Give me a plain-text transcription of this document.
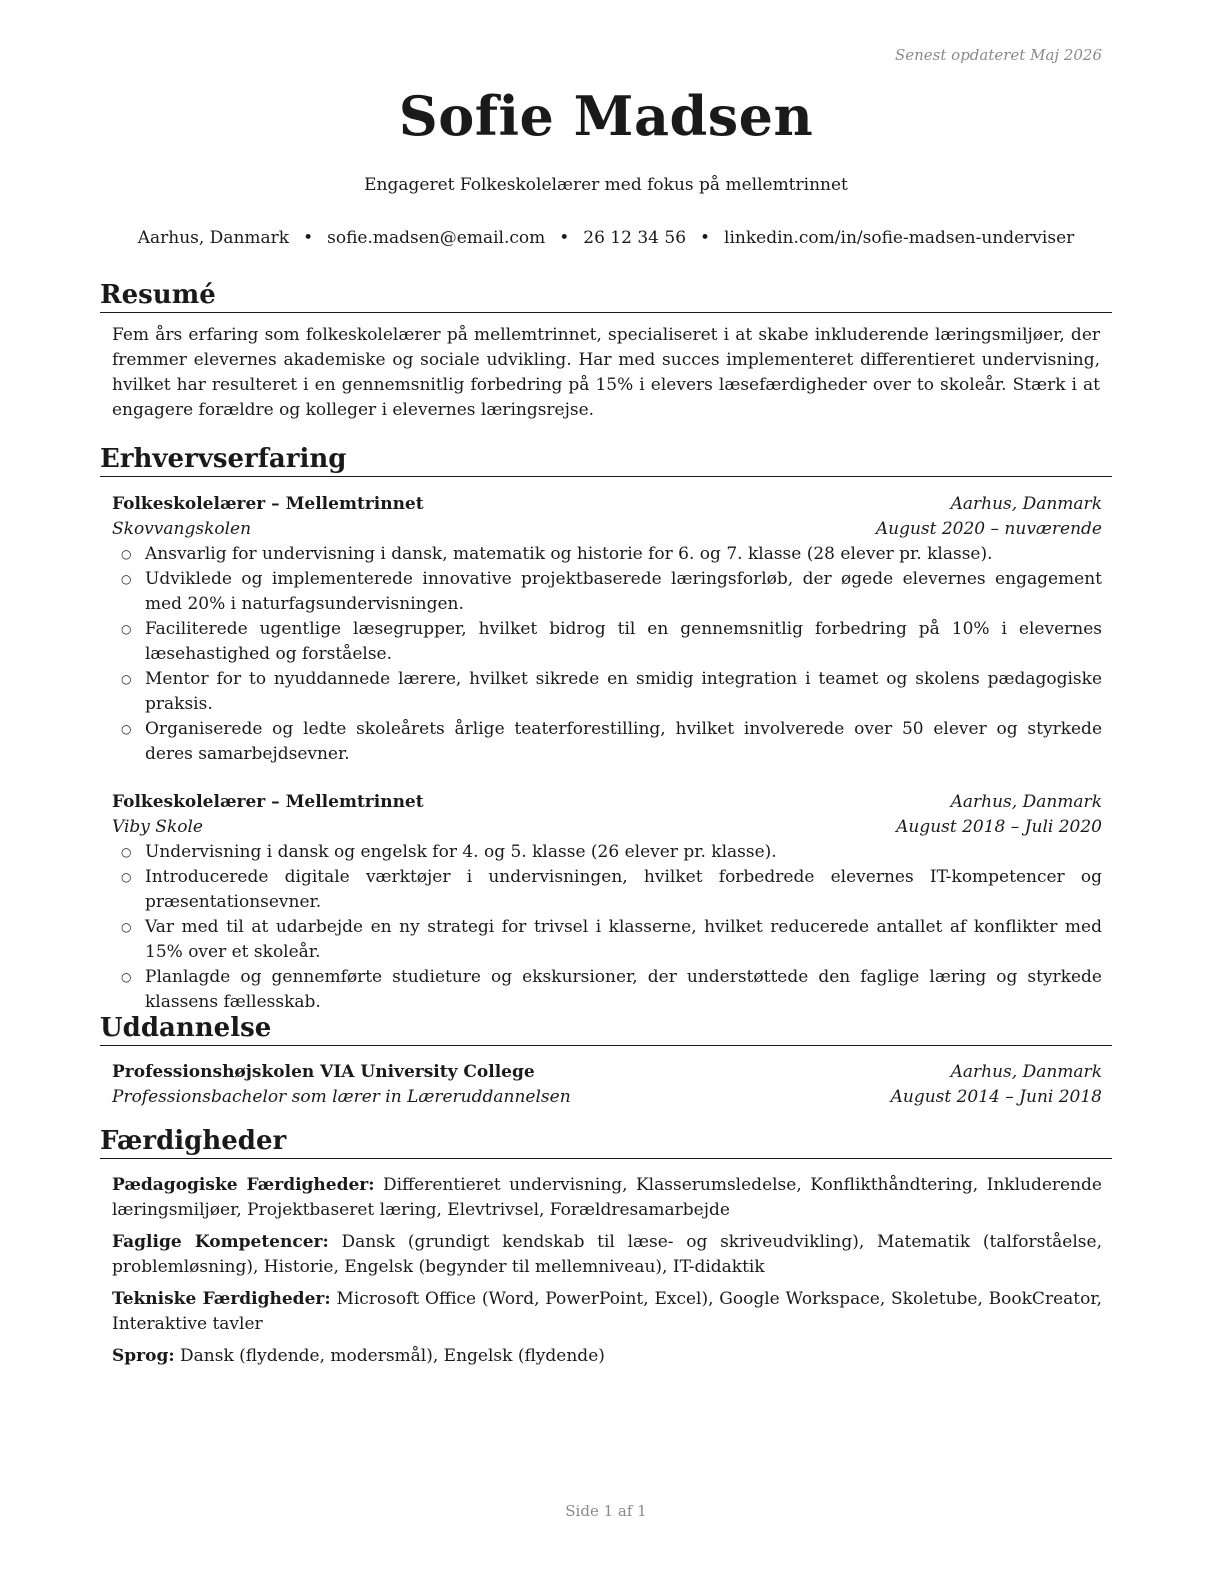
Senest opdateret Maj 2026
Sofie Madsen
Engageret Folkeskolelærer med fokus på mellemtrinnet
Aarhus, Danmark • sofie.madsen@email.com • 26 12 34 56 • linkedin.com/in/sofie-madsen-underviser
Resumé
Fem års erfaring som folkeskolelærer på mellemtrinnet, specialiseret i at skabe inkluderende læringsmiljøer, der fremmer elevernes akademiske og sociale udvikling. Har med succes implementeret differentieret undervisning, hvilket har resulteret i en gennemsnitlig forbedring på 15% i elevers læsefærdigheder over to skoleår. Stærk i at engagere forældre og kolleger i elevernes læringsrejse.
Erhvervserfaring
Folkeskolelærer – Mellemtrinnet	Aarhus, Danmark
Skovvangskolen	August 2020 – nuværende
○ Ansvarlig for undervisning i dansk, matematik og historie for 6. og 7. klasse (28 elever pr. klasse).
○ Udviklede og implementerede innovative projektbaserede læringsforløb, der øgede elevernes engagement med 20% i naturfagsundervisningen.
○ Faciliterede ugentlige læsegrupper, hvilket bidrog til en gennemsnitlig forbedring på 10% i elevernes læsehastighed og forståelse.
○ Mentor for to nyuddannede lærere, hvilket sikrede en smidig integration i teamet og skolens pædagogiske praksis.
○ Organiserede og ledte skoleårets årlige teaterforestilling, hvilket involverede over 50 elever og styrkede deres samarbejdsevner.
Folkeskolelærer – Mellemtrinnet	Aarhus, Danmark
Viby Skole	August 2018 – Juli 2020
○ Undervisning i dansk og engelsk for 4. og 5. klasse (26 elever pr. klasse).
○ Introducerede digitale værktøjer i undervisningen, hvilket forbedrede elevernes IT-kompetencer og præsentationsevner.
○ Var med til at udarbejde en ny strategi for trivsel i klasserne, hvilket reducerede antallet af konflikter med 15% over et skoleår.
○ Planlagde og gennemførte studieture og ekskursioner, der understøttede den faglige læring og styrkede klassens fællesskab.
Uddannelse
Professionshøjskolen VIA University College	Aarhus, Danmark
Professionsbachelor som lærer in Læreruddannelsen	August 2014 – Juni 2018
Færdigheder
Pædagogiske Færdigheder: Differentieret undervisning, Klasserumsledelse, Konflikthåndtering, Inkluderende læringsmiljøer, Projektbaseret læring, Elevtrivsel, Forældresamarbejde
Faglige Kompetencer: Dansk (grundigt kendskab til læse- og skriveudvikling), Matematik (talforståelse, problemløsning), Historie, Engelsk (begynder til mellemniveau), IT-didaktik
Tekniske Færdigheder: Microsoft Office (Word, PowerPoint, Excel), Google Workspace, Skoletube, BookCreator, Interaktive tavler
Sprog: Dansk (flydende, modersmål), Engelsk (flydende)
Side 1 af 1
